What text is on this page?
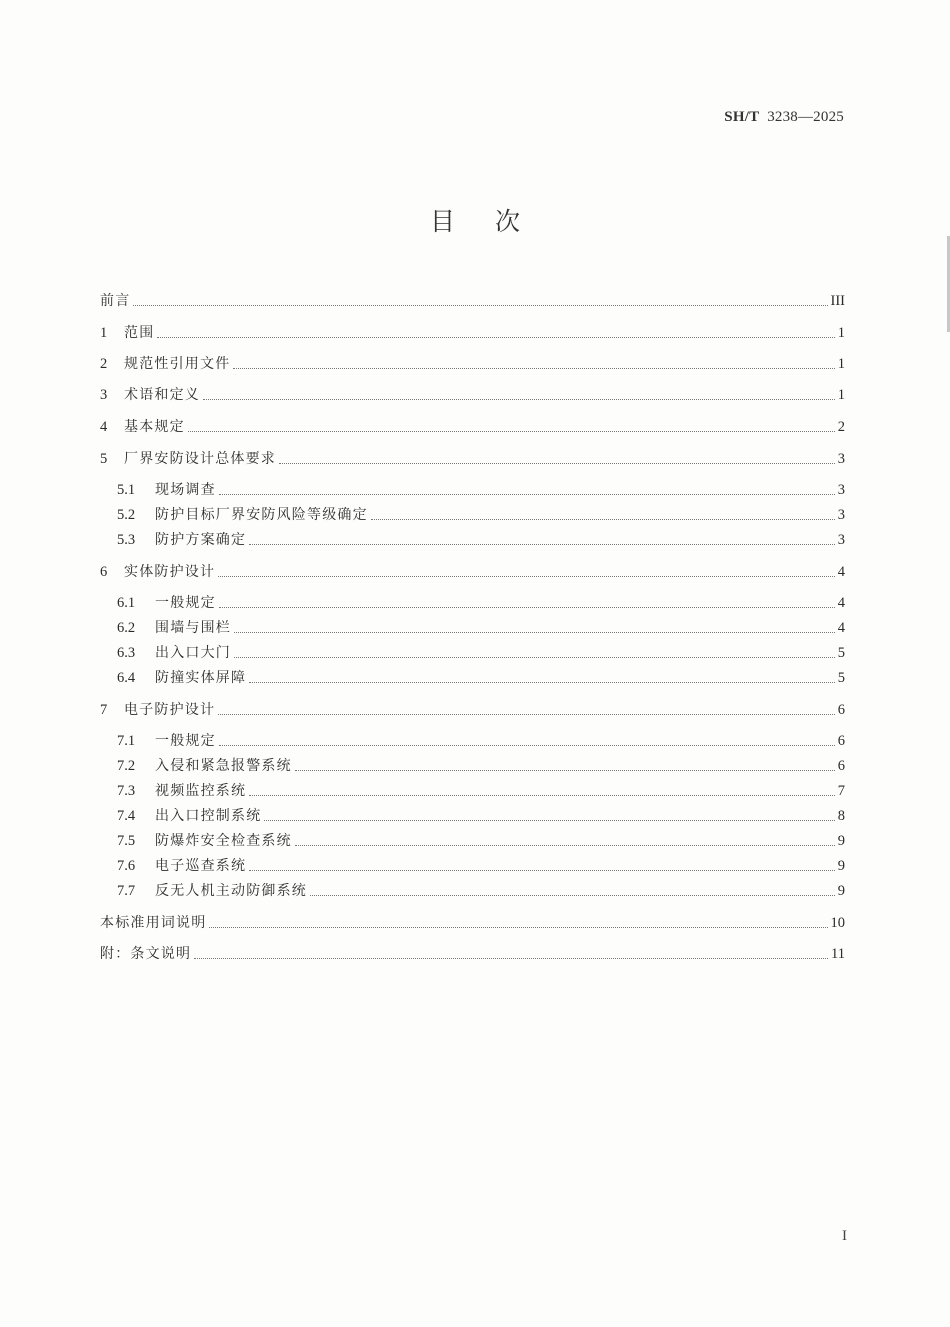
SH/T 3238—2025
目次
前言	III
1	范围	1
2	规范性引用文件	1
3	术语和定义	1
4	基本规定	2
5	厂界安防设计总体要求	3
5.1	现场调查	3
5.2	防护目标厂界安防风险等级确定	3
5.3	防护方案确定	3
6	实体防护设计	4
6.1	一般规定	4
6.2	围墙与围栏	4
6.3	出入口大门	5
6.4	防撞实体屏障	5
7	电子防护设计	6
7.1	一般规定	6
7.2	入侵和紧急报警系统	6
7.3	视频监控系统	7
7.4	出入口控制系统	8
7.5	防爆炸安全检查系统	9
7.6	电子巡查系统	9
7.7	反无人机主动防御系统	9
本标准用词说明	10
附：条文说明	11
I
